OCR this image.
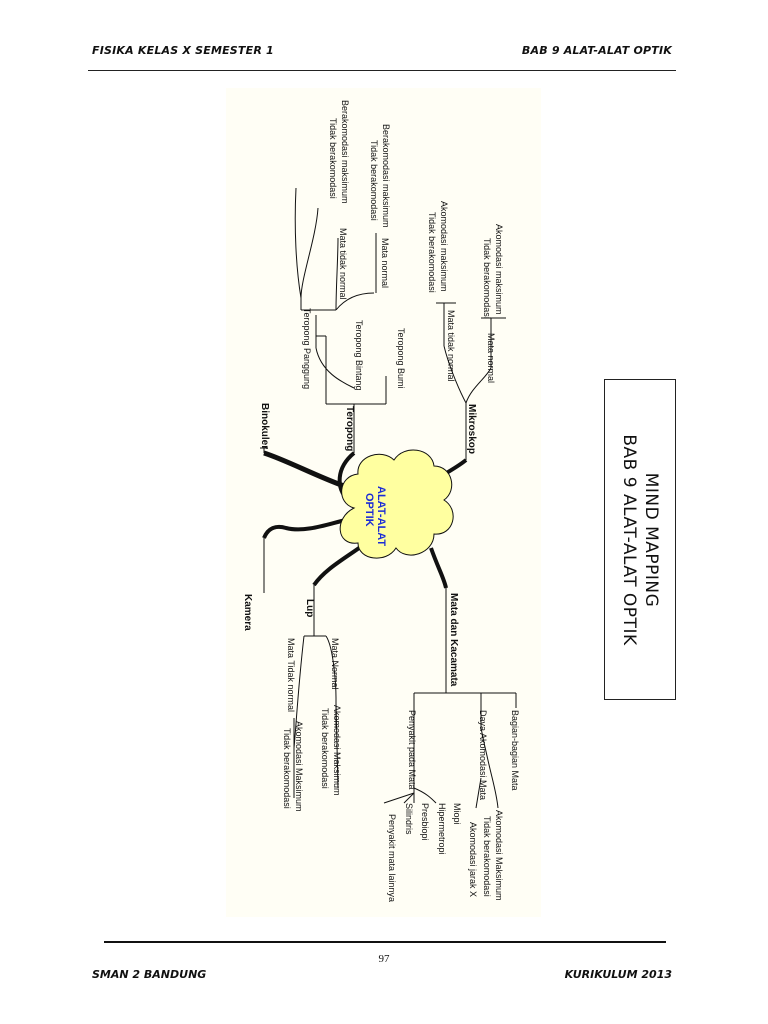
FISIKA KELAS X SEMESTER 1	BAB 9 ALAT-ALAT OPTIK
ALAT-ALAT
OPTIK
Binokuler	Teropong	Mikroskop
Kamera	Lup	Mata dan Kacamata
Teropong Bumi
Teropong Bintang
Teropong Panggung
Mata normal
Mata tidak normal
Berakomodasi maksimum
Tidak berakomodasi
Berakomodasi maksimum
Tidak berakomodasi
Mata normal
Mata tidak normal
Akomodasi maksimum
Tidak berakomodasi
Akomodasi maksimum
Tidak berakomodasi
Mata Normal
Mata Tidak normal
Akomodasi Maksimum
Tidak berakomodasi
Akomodasi Maksimum
Tidak berakomodasi	Bagian-bagian Mata
Daya Akomodasi Mata
Penyakit pada Mata
Akomodasi Maksimum
Tidak berakomodasi
Akomodasi jarak X
Miopi
Hipermetropi
Presbiopi
Silindris
Penyakit mata lainnya
MIND MAPPING
BAB 9 ALAT-ALAT OPTIK
97
SMAN 2 BANDUNG	KURIKULUM 2013
